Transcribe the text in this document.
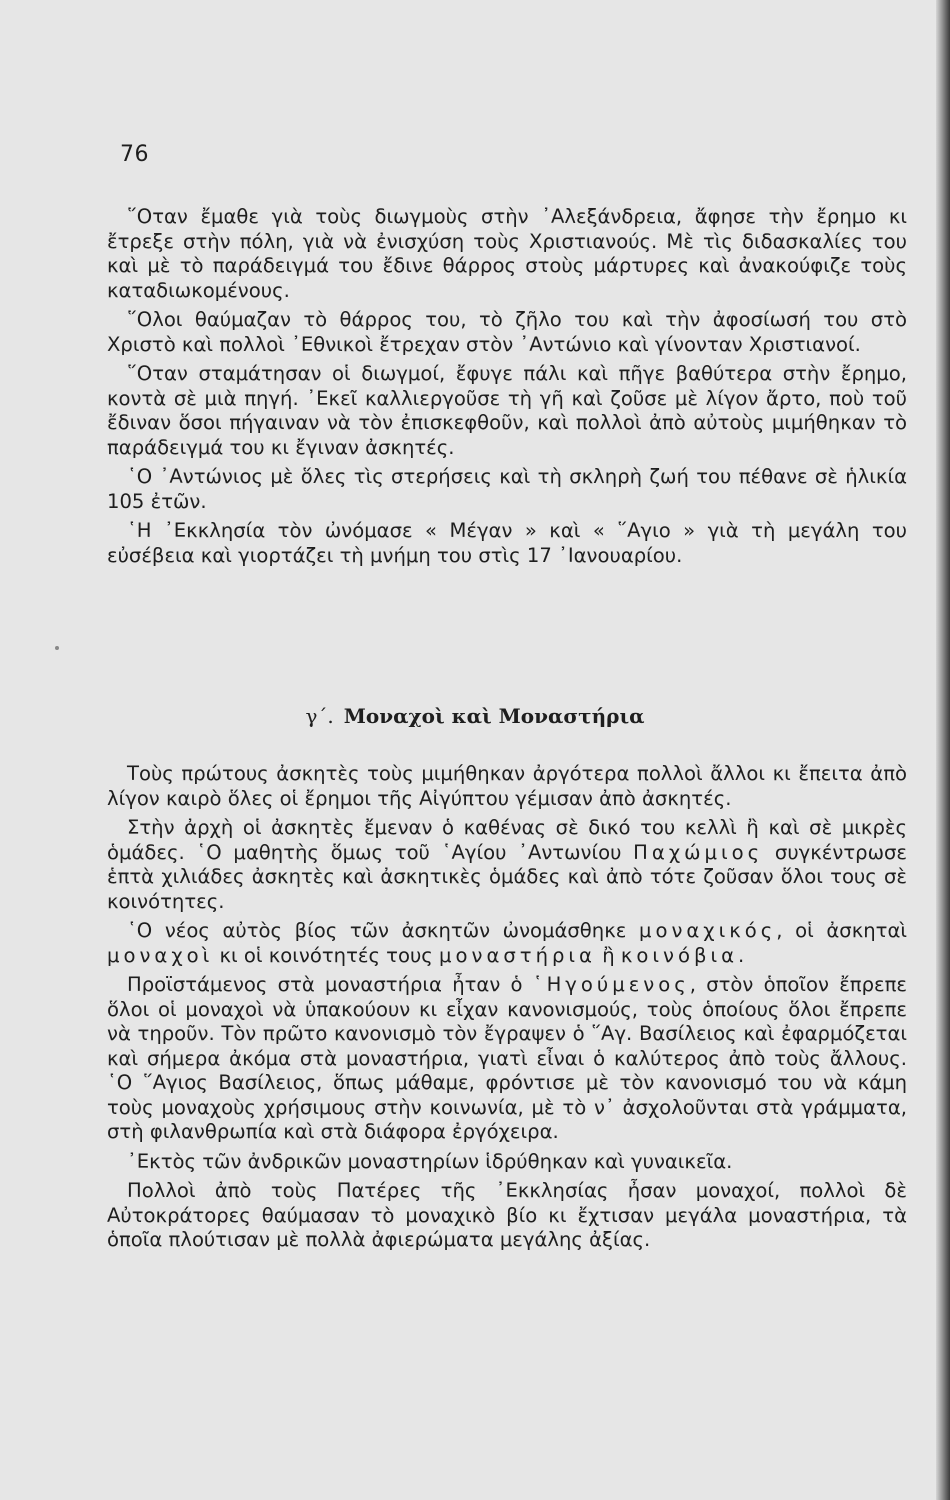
76

῞Οταν ἔμαθε γιὰ τοὺς διωγμοὺς στὴν ᾿Αλεξάνδρεια, ἄφησε τὴν ἔρημο κι ἔτρεξε στὴν πόλη, γιὰ νὰ ἐνισχύση τοὺς Χριστιανούς. Μὲ τὶς διδασκαλίες του καὶ μὲ τὸ παράδειγμά του ἔδινε θάρρος στοὺς μάρτυρες καὶ ἀνακούφιζε τοὺς καταδιωκομένους.

῞Ολοι θαύμαζαν τὸ θάρρος του, τὸ ζῆλο του καὶ τὴν ἀφοσίωσή του στὸ Χριστὸ καὶ πολλοὶ ᾿Εθνικοὶ ἔτρεχαν στὸν ᾿Αντώνιο καὶ γίνονταν Χριστιανοί.

῞Οταν σταμάτησαν οἱ διωγμοί, ἔφυγε πάλι καὶ πῆγε βαθύτερα στὴν ἔρημο, κοντὰ σὲ μιὰ πηγή. ᾿Εκεῖ καλλιεργοῦσε τὴ γῆ καὶ ζοῦσε μὲ λίγον ἄρτο, ποὺ τοῦ ἔδιναν ὅσοι πήγαιναν νὰ τὸν ἐπισκεφθοῦν, καὶ πολλοὶ ἀπὸ αὐτοὺς μιμήθηκαν τὸ παράδειγμά του κι ἔγιναν ἀσκητές.

῾Ο ᾿Αντώνιος μὲ ὅλες τὶς στερήσεις καὶ τὴ σκληρὴ ζωή του πέθανε σὲ ἡλικία 105 ἐτῶν.

῾Η ᾿Εκκλησία τὸν ὠνόμασε « Μέγαν » καὶ « ῞Αγιο » γιὰ τὴ μεγάλη του εὐσέβεια καὶ γιορτάζει τὴ μνήμη του στὶς 17 ᾿Ιανουαρίου.

γ΄. Μοναχοὶ καὶ Μοναστήρια

Τοὺς πρώτους ἀσκητὲς τοὺς μιμήθηκαν ἀργότερα πολλοὶ ἄλλοι κι ἔπειτα ἀπὸ λίγον καιρὸ ὅλες οἱ ἔρημοι τῆς Αἰγύπτου γέμισαν ἀπὸ ἀσκητές.

Στὴν ἀρχὴ οἱ ἀσκητὲς ἔμεναν ὁ καθένας σὲ δικό του κελλὶ ἢ καὶ σὲ μικρὲς ὁμάδες. ῾Ο μαθητὴς ὅμως τοῦ ῾Αγίου ᾿Αντωνίου Παχώμιος συγκέντρωσε ἑπτὰ χιλιάδες ἀσκητὲς καὶ ἀσκητικὲς ὁμάδες καὶ ἀπὸ τότε ζοῦσαν ὅλοι τους σὲ κοινότητες.

῾Ο νέος αὐτὸς βίος τῶν ἀσκητῶν ὠνομάσθηκε μοναχικός, οἱ ἀσκηταὶ μοναχοὶ κι οἱ κοινότητές τους μοναστήρια ἢ κοινόβια.

Προϊστάμενος στὰ μοναστήρια ἦταν ὁ ῾Ηγούμενος, στὸν ὁποῖον ἔπρεπε ὅλοι οἱ μοναχοὶ νὰ ὑπακούουν κι εἶχαν κανονισμούς, τοὺς ὁποίους ὅλοι ἔπρεπε νὰ τηροῦν. Τὸν πρῶτο κανονισμὸ τὸν ἔγραψεν ὁ ῞Αγ. Βασίλειος καὶ ἐφαρμόζεται καὶ σήμερα ἀκόμα στὰ μοναστήρια, γιατὶ εἶναι ὁ καλύτερος ἀπὸ τοὺς ἄλλους. ῾Ο ῞Αγιος Βασίλειος, ὅπως μάθαμε, φρόντισε μὲ τὸν κανονισμό του νὰ κάμη τοὺς μοναχοὺς χρήσιμους στὴν κοινωνία, μὲ τὸ ν᾿ ἀσχολοῦνται στὰ γράμματα, στὴ φιλανθρωπία καὶ στὰ διάφορα ἐργόχειρα.

᾿Εκτὸς τῶν ἀνδρικῶν μοναστηρίων ἱδρύθηκαν καὶ γυναικεῖα.

Πολλοὶ ἀπὸ τοὺς Πατέρες τῆς ᾿Εκκλησίας ἦσαν μοναχοί, πολλοὶ δὲ Αὐτοκράτορες θαύμασαν τὸ μοναχικὸ βίο κι ἔχτισαν μεγάλα μοναστήρια, τὰ ὁποῖα πλούτισαν μὲ πολλὰ ἀφιερώματα μεγάλης ἀξίας.
